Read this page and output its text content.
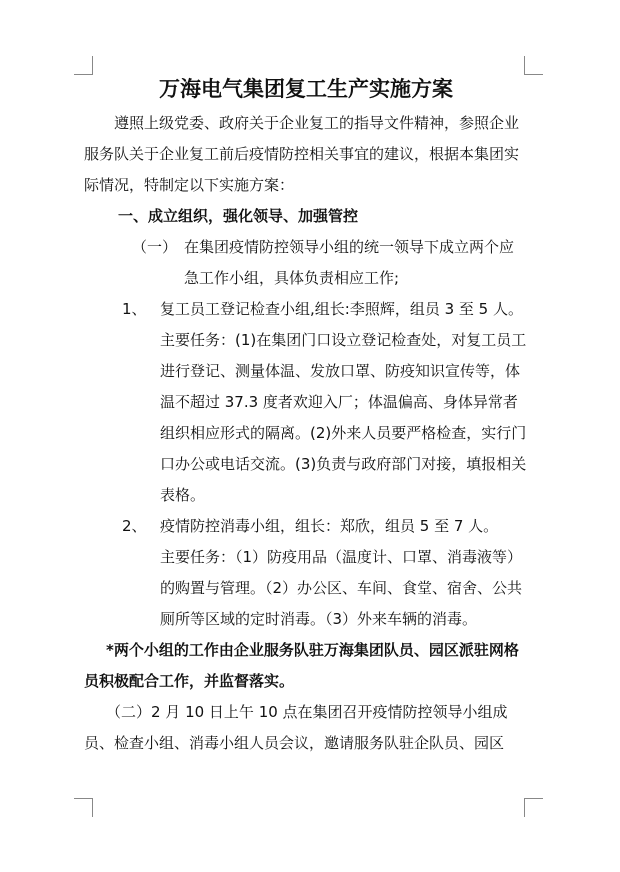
万海电气集团复工生产实施方案

遵照上级党委、政府关于企业复工的指导文件精神，参照企业服务队关于企业复工前后疫情防控相关事宜的建议，根据本集团实际情况，特制定以下实施方案：

一、成立组织，强化领导、加强管控

（一） 在集团疫情防控领导小组的统一领导下成立两个应急工作小组，具体负责相应工作;
1、 复工员工登记检查小组,组长:李照辉，组员 3 至 5 人。

主要任务：(1)在集团门口设立登记检查处，对复工员工进行登记、测量体温、发放口罩、防疫知识宣传等，体温不超过 37.3 度者欢迎入厂；体温偏高、身体异常者组织相应形式的隔离。(2)外来人员要严格检查，实行门口办公或电话交流。(3)负责与政府部门对接，填报相关表格。

2、 疫情防控消毒小组，组长：郑欣，组员 5 至 7 人。

主要任务：（1）防疫用品（温度计、口罩、消毒液等）的购置与管理。（2）办公区、车间、食堂、宿舍、公共厕所等区域的定时消毒。（3）外来车辆的消毒。

*两个小组的工作由企业服务队驻万海集团队员、园区派驻网格员积极配合工作，并监督落实。

（二）2 月 10 日上午 10 点在集团召开疫情防控领导小组成员、检查小组、消毒小组人员会议，邀请服务队驻企队员、园区
